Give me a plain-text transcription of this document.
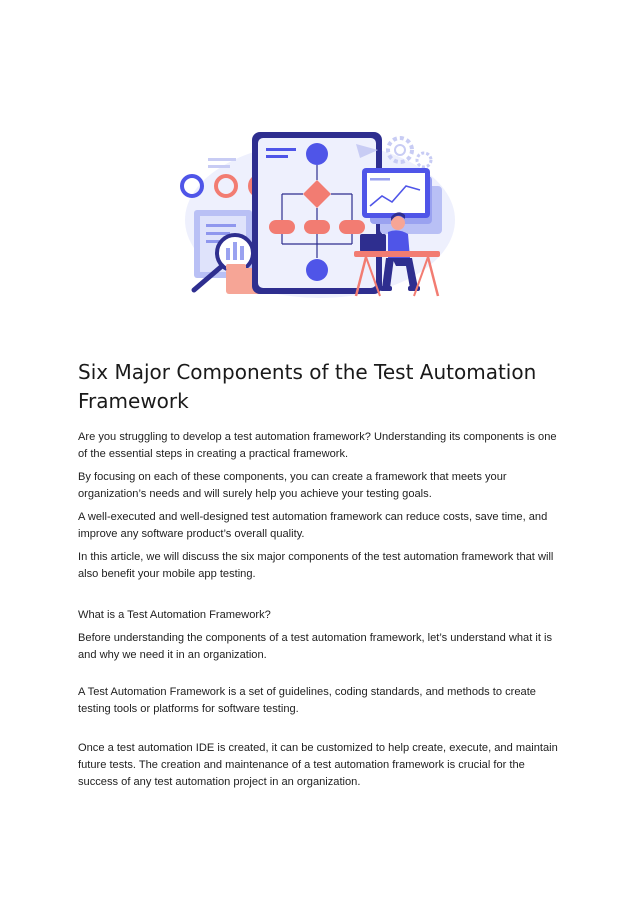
Six Major Components of the Test Automation Framework

Are you struggling to develop a test automation framework? Understanding its components is one of the essential steps in creating a practical framework.

By focusing on each of these components, you can create a framework that meets your organization’s needs and will surely help you achieve your testing goals.

A well-executed and well-designed test automation framework can reduce costs, save time, and improve any software product’s overall quality.

In this article, we will discuss the six major components of the test automation framework that will also benefit your mobile app testing.

What is a Test Automation Framework?

Before understanding the components of a test automation framework, let’s understand what it is and why we need it in an organization.

A Test Automation Framework is a set of guidelines, coding standards, and methods to create testing tools or platforms for software testing.

Once a test automation IDE is created, it can be customized to help create, execute, and maintain future tests. The creation and maintenance of a test automation framework is crucial for the success of any test automation project in an organization.
